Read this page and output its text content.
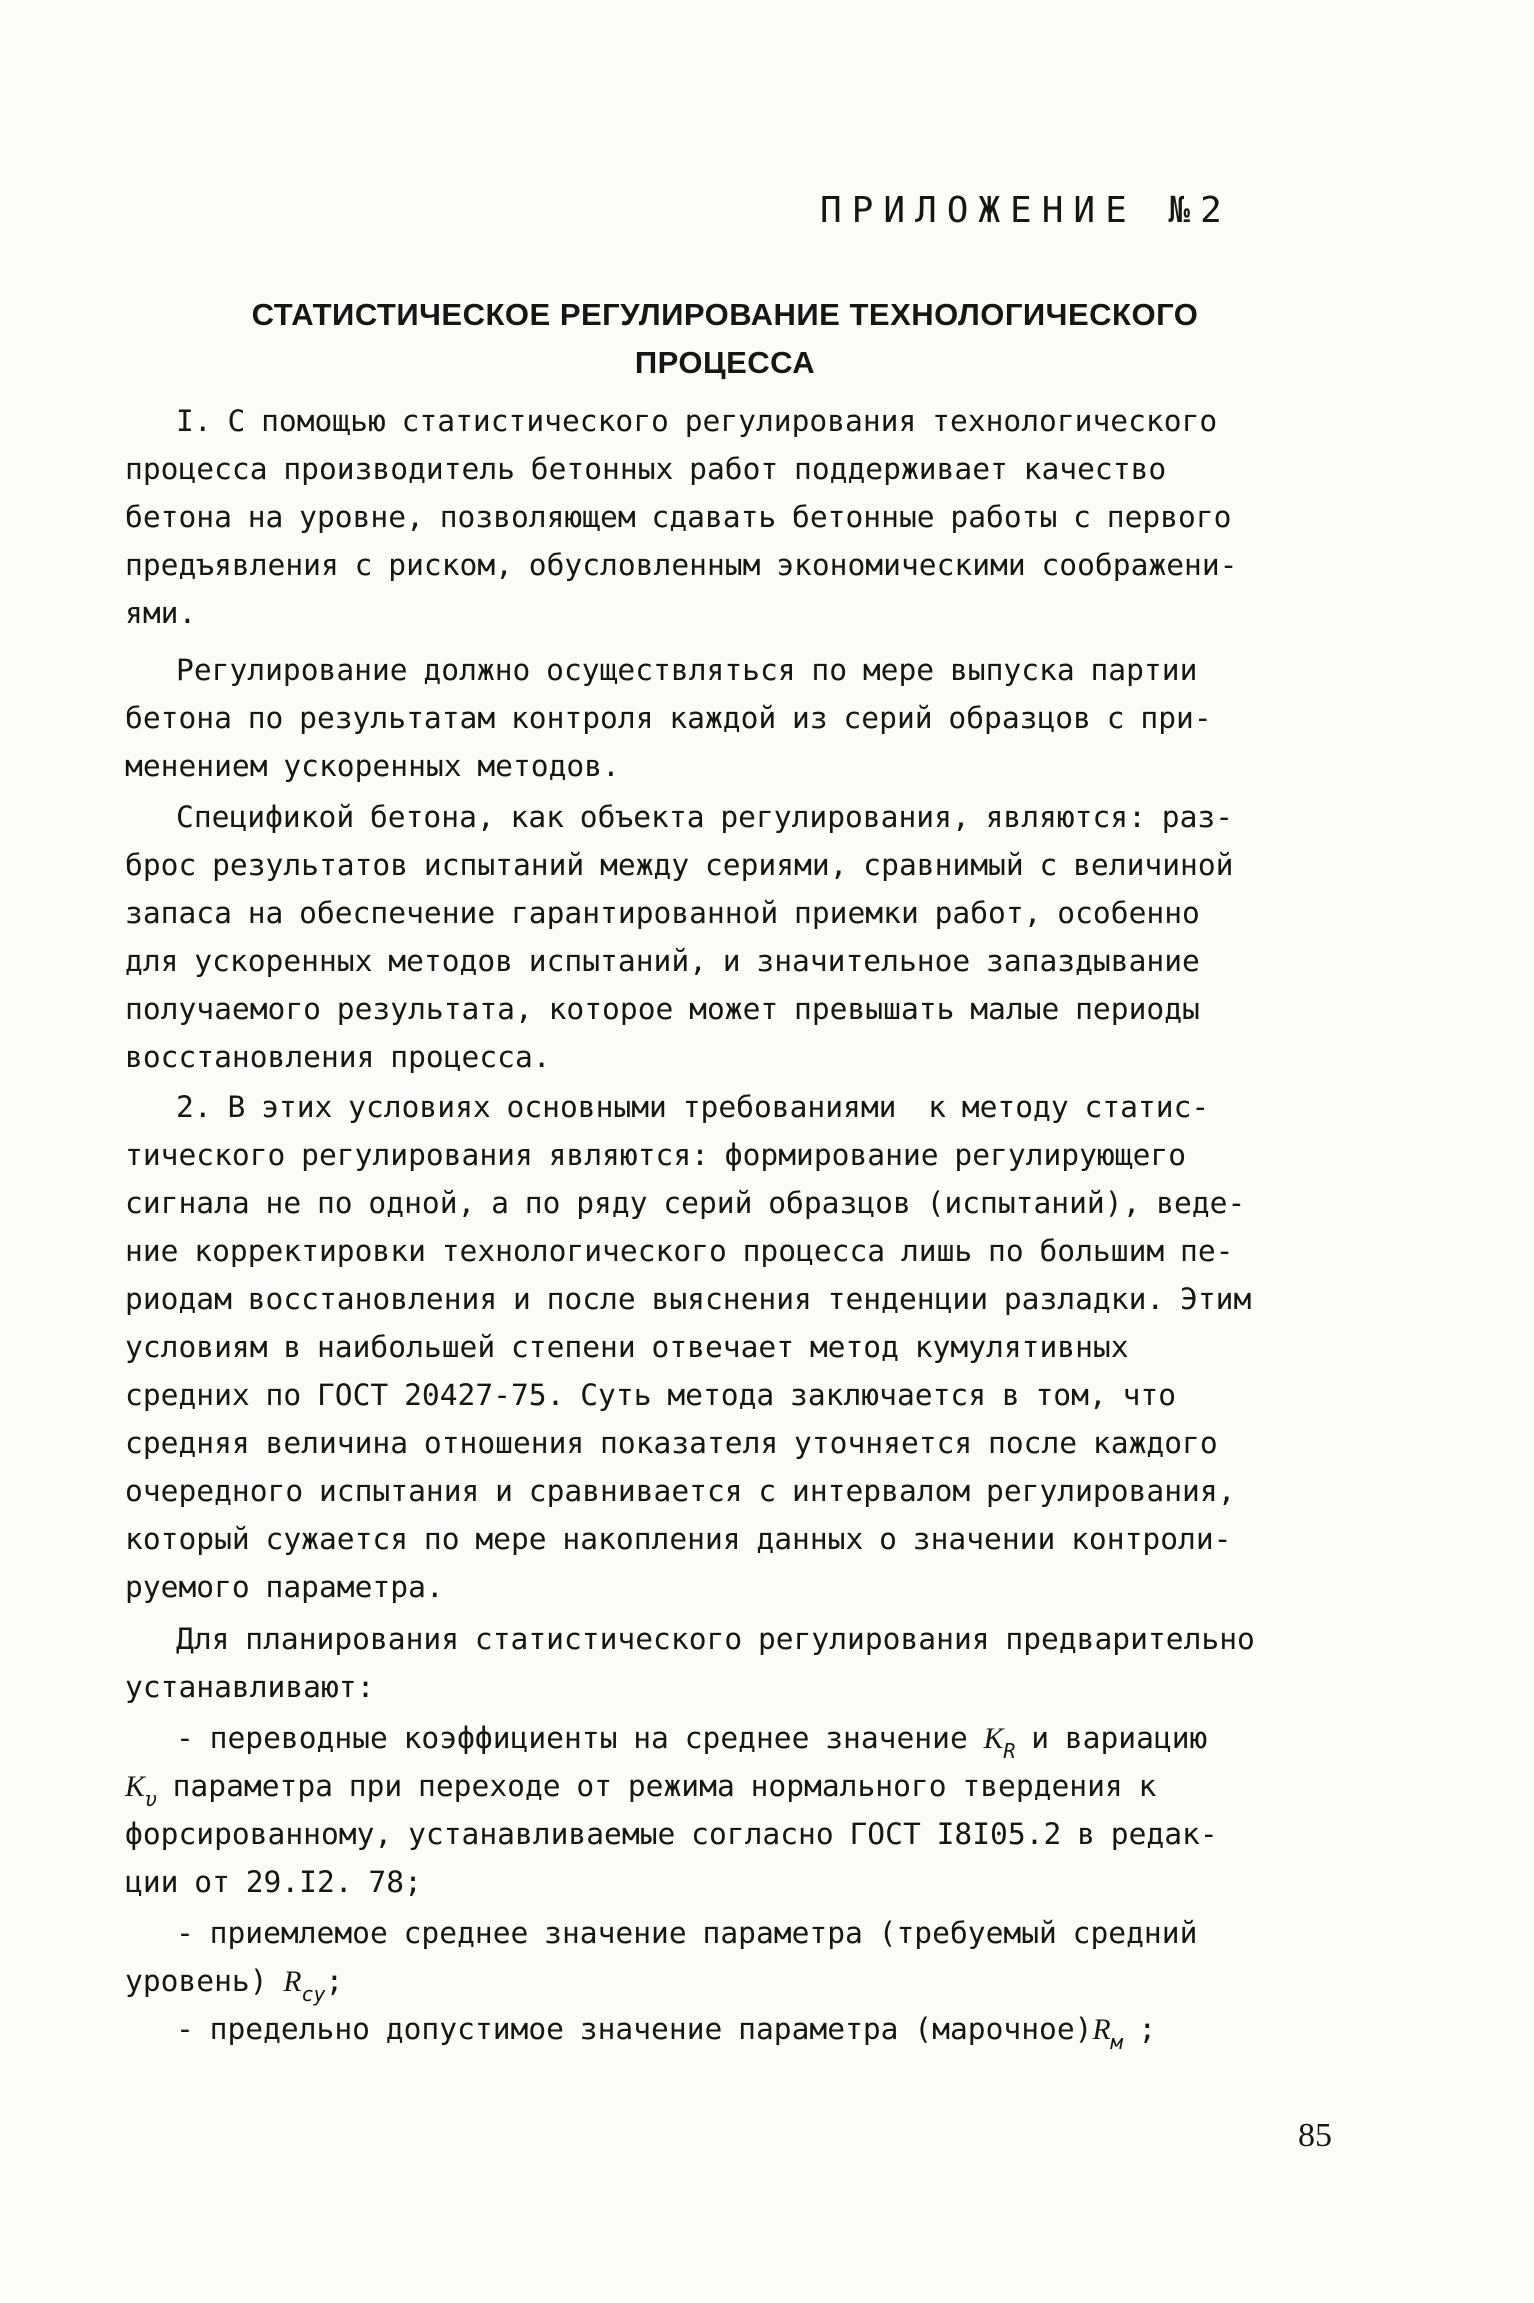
ПРИЛОЖЕНИЕ №2
СТАТИСТИЧЕСКОЕ РЕГУЛИРОВАНИЕ ТЕХНОЛОГИЧЕСКОГО
ПРОЦЕССА
I. С помощью статистического регулирования технологического
процесса производитель бетонных работ поддерживает качество
бетона на уровне, позволяющем сдавать бетонные работы с первого
предъявления с риском, обусловленным экономическими соображени-
ями.
Регулирование должно осуществляться по мере выпуска партии
бетона по результатам контроля каждой из серий образцов с при-
менением ускоренных методов.
Спецификой бетона, как объекта регулирования, являются: раз-
брос результатов испытаний между сериями, сравнимый с величиной
запаса на обеспечение гарантированной приемки работ, особенно
для ускоренных методов испытаний, и значительное запаздывание
получаемого результата, которое может превышать малые периоды
восстановления процесса.
2. В этих условиях основными требованиями  к методу статис-
тического регулирования являются: формирование регулирующего
сигнала не по одной, а по ряду серий образцов (испытаний), веде-
ние корректировки технологического процесса лишь по большим пе-
риодам восстановления и после выяснения тенденции разладки. Этим
условиям в наибольшей степени отвечает метод кумулятивных
средних по ГОСТ 20427-75. Суть метода заключается в том, что
средняя величина отношения показателя уточняется после каждого
очередного испытания и сравнивается с интервалом регулирования,
который сужается по мере накопления данных о значении контроли-
руемого параметра.
Для планирования статистического регулирования предварительно
устанавливают:
- переводные коэффициенты на среднее значение $K_R$ и вариацию
$K_\upsilon$ параметра при переходе от режима нормального твердения к
форсированному, устанавливаемые согласно ГОСТ I8I05.2 в редак-
ции от 29.I2. 78;
- приемлемое среднее значение параметра (требуемый средний
уровень) $R_{су}$;
- предельно допустимое значение параметра $(марочное)R_м$ ;
85
